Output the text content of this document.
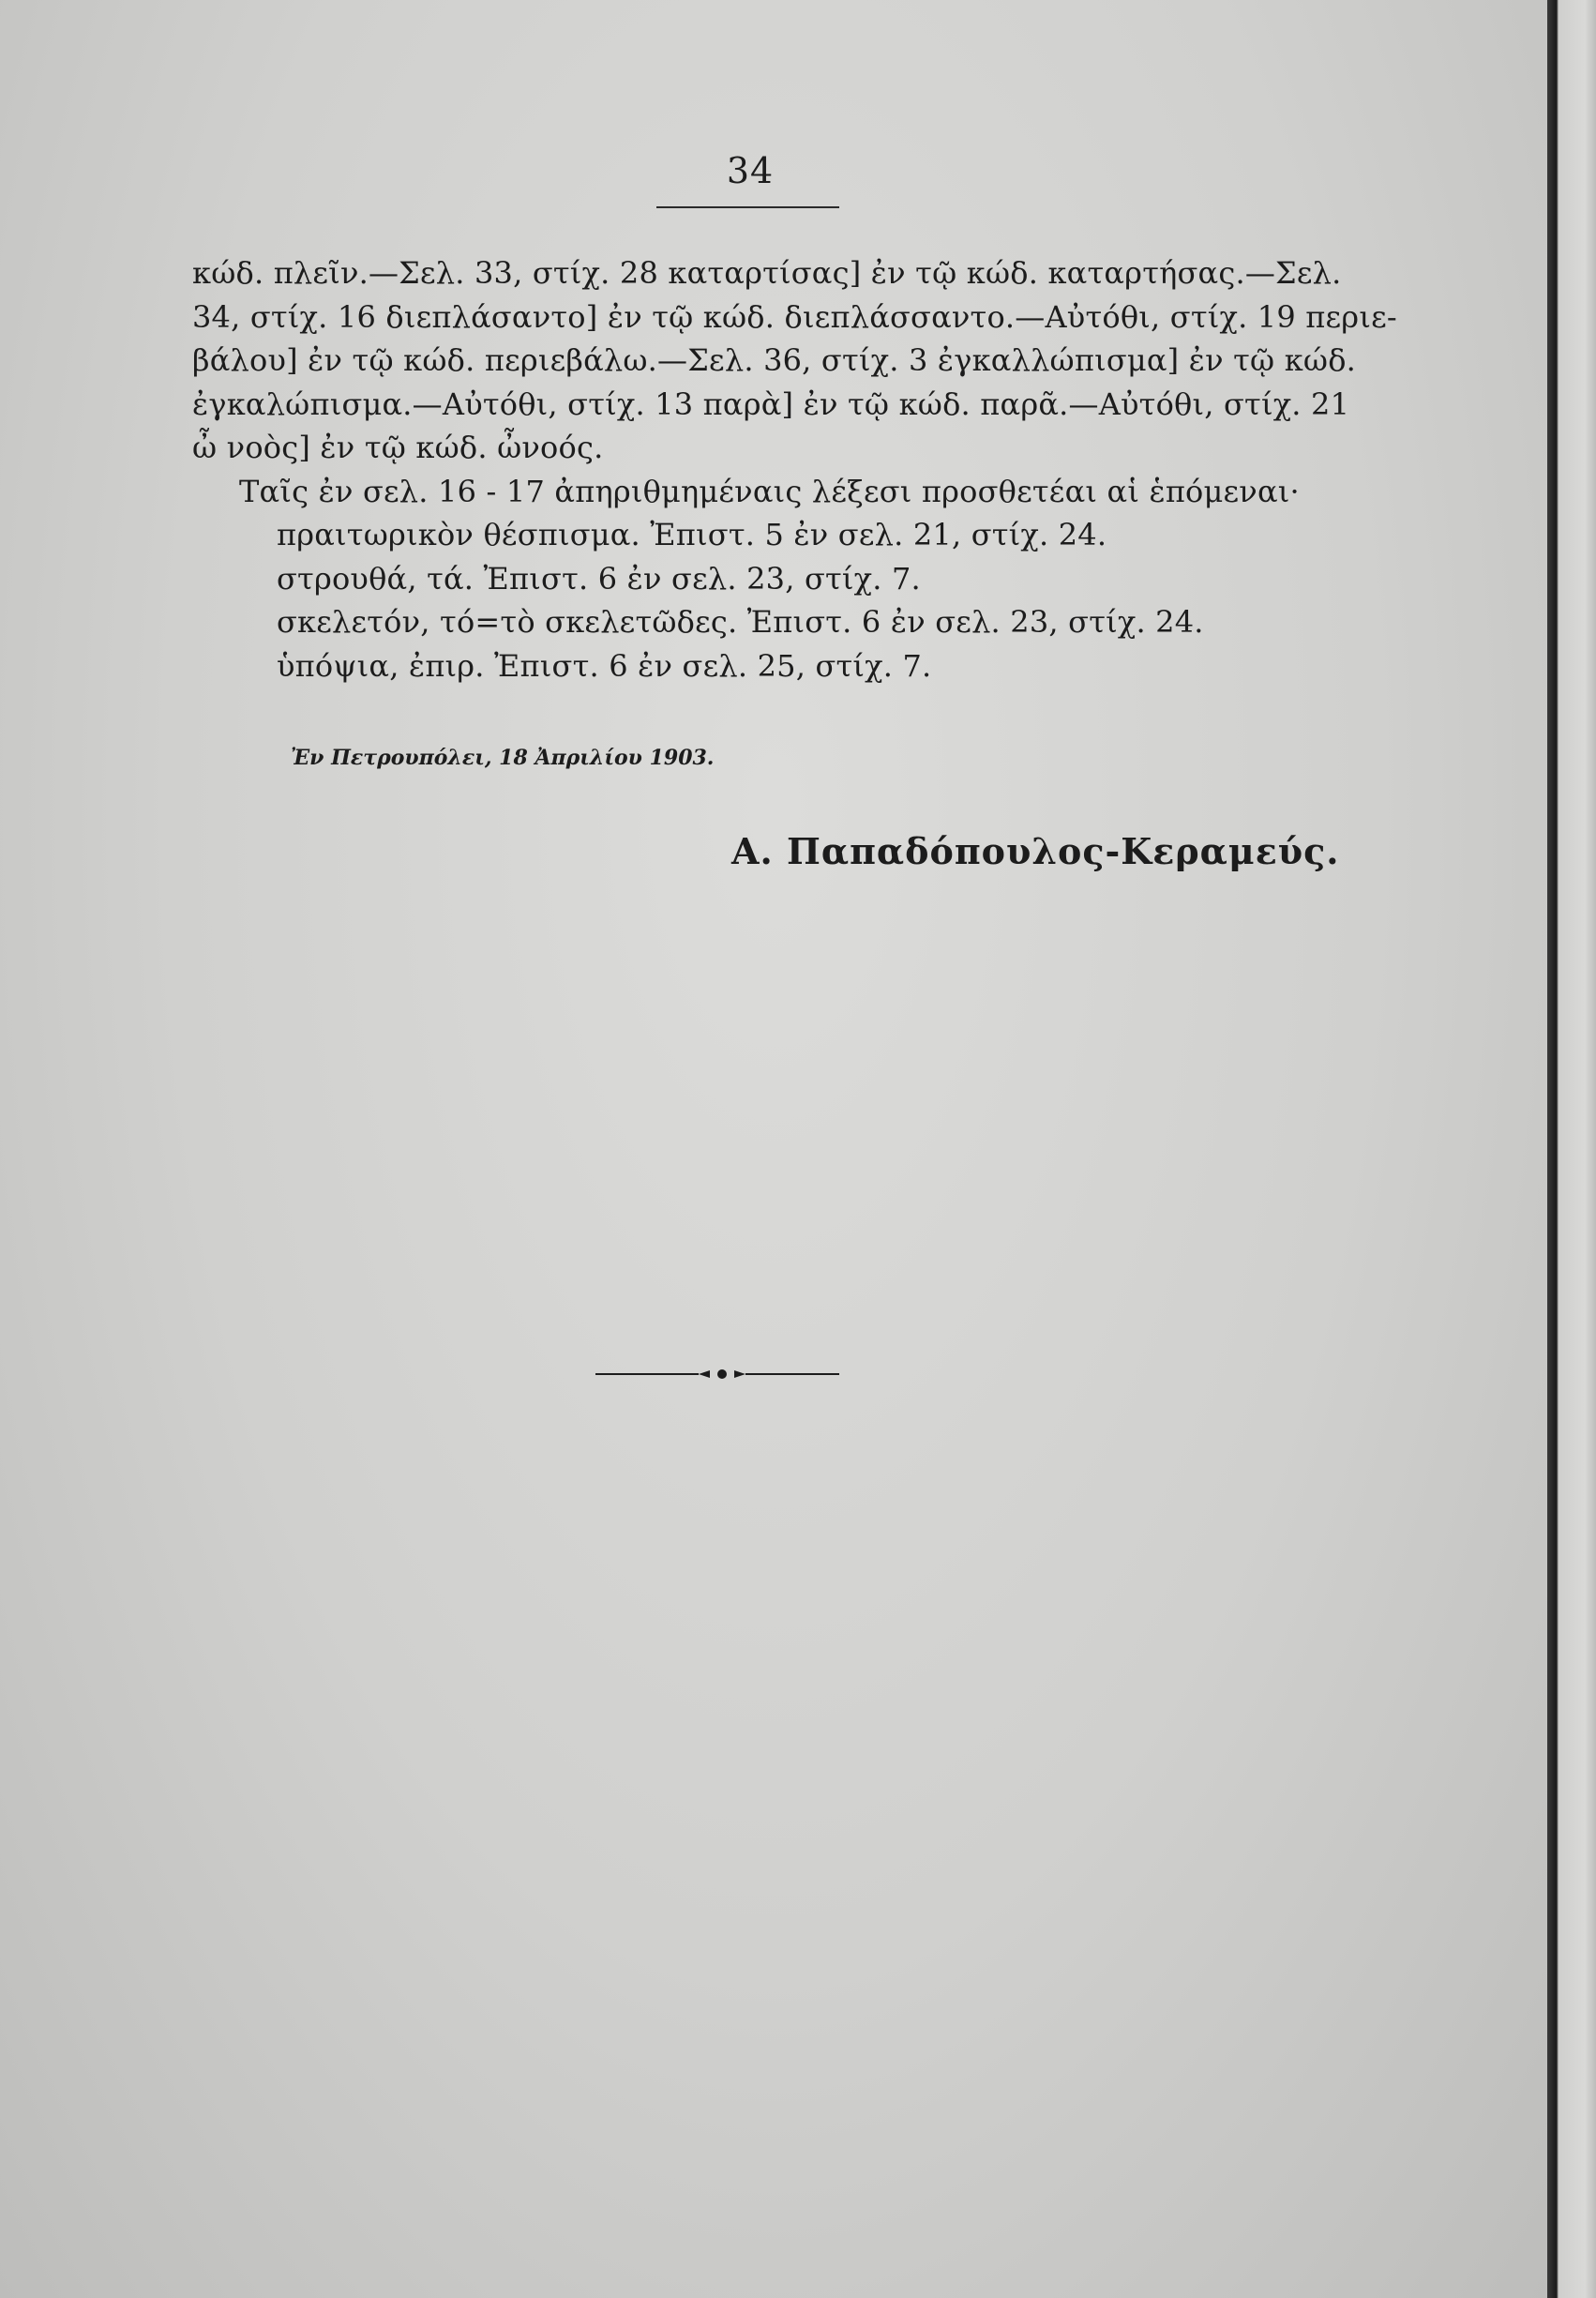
34
κώδ. πλεῖν.—Σελ. 33, στίχ. 28 καταρτίσας] ἐν τῷ κώδ. καταρτήσας.—Σελ.
34, στίχ. 16 διεπλάσαντο] ἐν τῷ κώδ. διεπλάσσαντο.—Αὐτόθι, στίχ. 19 περιε-
βάλου] ἐν τῷ κώδ. περιεβάλω.—Σελ. 36, στίχ. 3 ἐγκαλλώπισμα] ἐν τῷ κώδ.
ἐγκαλώπισμα.—Αὐτόθι, στίχ. 13 παρὰ] ἐν τῷ κώδ. παρᾶ.—Αὐτόθι, στίχ. 21
ὦ νοὸς] ἐν τῷ κώδ. ὦνοός.
Ταῖς ἐν σελ. 16 - 17 ἀπηριθμημέναις λέξεσι προσθετέαι αἱ ἑπόμεναι·
πραιτωρικὸν θέσπισμα. Ἐπιστ. 5 ἐν σελ. 21, στίχ. 24.
στρουθά, τά. Ἐπιστ. 6 ἐν σελ. 23, στίχ. 7.
σκελετόν, τό=τὸ σκελετῶδες. Ἐπιστ. 6 ἐν σελ. 23, στίχ. 24.
ὑπόψια, ἐπιρ. Ἐπιστ. 6 ἐν σελ. 25, στίχ. 7.
Ἐν Πετρουπόλει, 18 Ἀπριλίου 1903.
Α. Παπαδόπουλος-Κεραμεύς.
